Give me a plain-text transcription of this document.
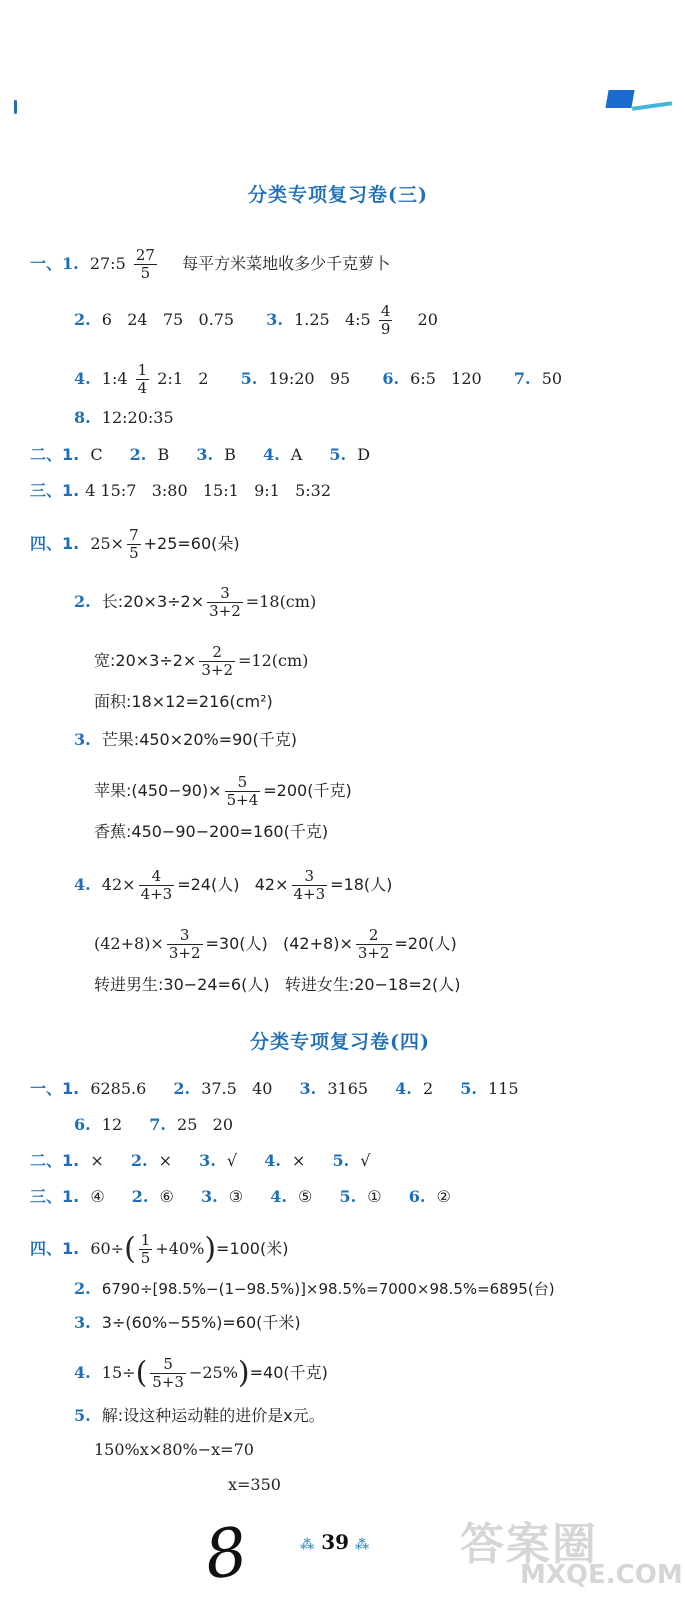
分类专项复习卷(三)
一、1. 27:5 $\frac{27}{5}$ 每平方米菜地收多少千克萝卜
2. 6   24   75   0.75 3. 1.25   4:5 $\frac{4}{9} 20$
4. 1:4 $\frac{1}{4}$ 2:1   2 5. 19:20   95 6. 6:5   120 7. 50
8. 12:20:35
二、1. C 2. B 3. B 4. A 5. D
三、1. 4 15:7   3:80   15:1   9:1   5:32
四、1. $25\times \frac{7}{5} +25=60$(朵)
2. 长:20×3÷2× $\frac{3}{3+2} =18(cm)$
宽:20×3÷2× $\frac{2}{3+2} =12(cm)$
面积:18×12=216(cm²)
3. 芒果:450×20%=90(千克)
苹果:(450−90)× $\frac{5}{5+4} =200$(千克)
香蕉:450−90−200=160(千克)
4. $42\times \frac{4}{4+3} =24$(人)   $42\times \frac{3}{4+3} =18$(人)
$(42+8)\times \frac{3}{3+2} =30$(人)   $(42+8)\times \frac{2}{3+2} =20$(人)
转进男生:30−24=6(人)   转进女生:20−18=2(人)
分类专项复习卷(四)
一、1. 6285.6 2. 37.5   40 3. 3165 4. 2 5. 115
6. 12 7. 25   20
二、1. × 2. × 3. √ 4. × 5. √
三、1. ④ 2. ⑥ 3. ③ 4. ⑤ 5. ① 6. ②
四、1. $60\div( \frac{1}{5} +40\%)=100$(米)
2. 6790÷[98.5%−(1−98.5%)]×98.5%=7000×98.5%=6895(台)
3. 3÷(60%−55%)=60(千米)
4. $15\div( \frac{5}{5+3} -25\%)=40$(千克)
5. 解:设这种运动鞋的进价是x元。
150%x×80%−x=70
x=350
8	⁂ 39 ⁂ 答案圈
MXQE.COM
